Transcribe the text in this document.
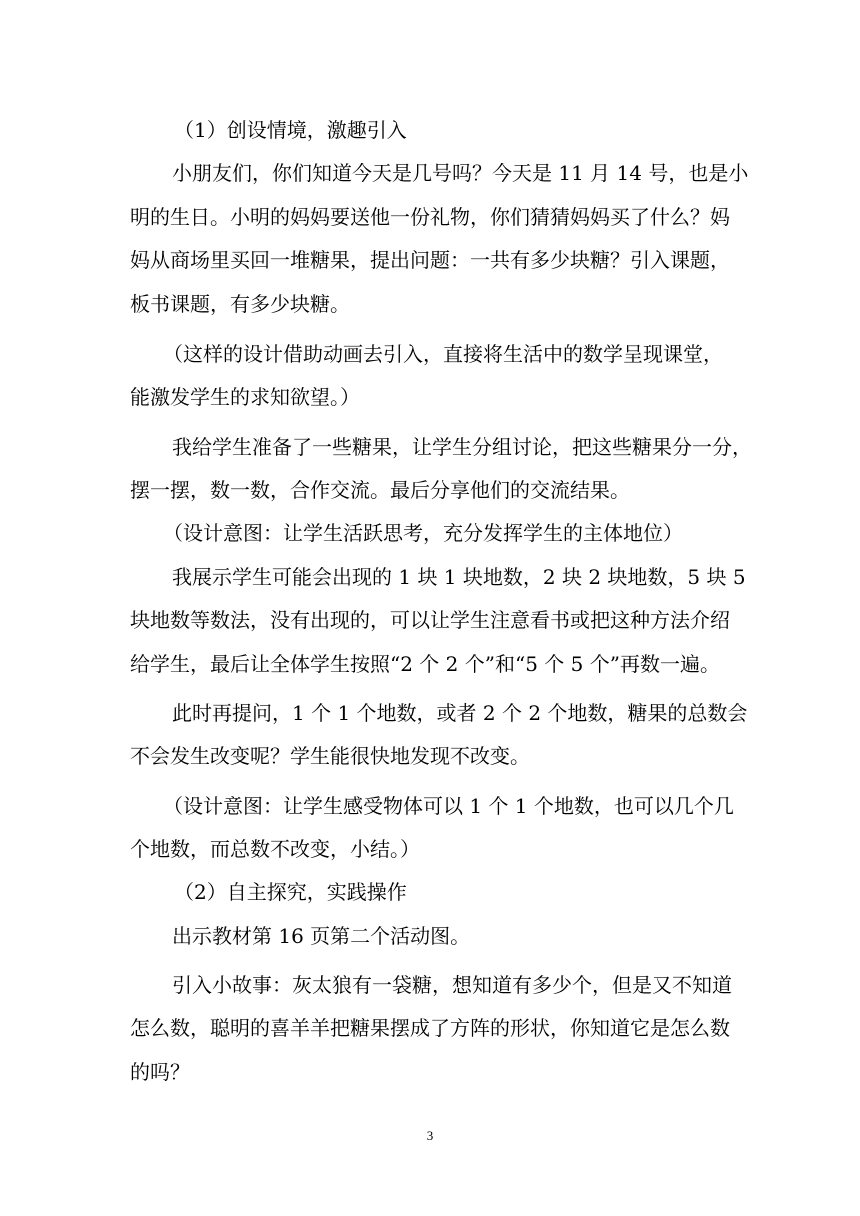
（1）创设情境，激趣引入

小朋友们，你们知道今天是几号吗？今天是 11 月 14 号，也是小

明的生日。小明的妈妈要送他一份礼物，你们猜猜妈妈买了什么？妈

妈从商场里买回一堆糖果，提出问题：一共有多少块糖？引入课题，

板书课题，有多少块糖。

（这样的设计借助动画去引入，直接将生活中的数学呈现课堂，

能激发学生的求知欲望。）

我给学生准备了一些糖果，让学生分组讨论，把这些糖果分一分，

摆一摆，数一数，合作交流。最后分享他们的交流结果。

（设计意图：让学生活跃思考，充分发挥学生的主体地位）

我展示学生可能会出现的 1 块 1 块地数，2 块 2 块地数，5 块 5

块地数等数法，没有出现的，可以让学生注意看书或把这种方法介绍

给学生，最后让全体学生按照“2 个 2 个”和“5 个 5 个”再数一遍。

此时再提问，1 个 1 个地数，或者 2 个 2 个地数，糖果的总数会

不会发生改变呢？学生能很快地发现不改变。

（设计意图：让学生感受物体可以 1 个 1 个地数，也可以几个几

个地数，而总数不改变，小结。）

（2）自主探究，实践操作

出示教材第 16 页第二个活动图。

引入小故事：灰太狼有一袋糖，想知道有多少个，但是又不知道

怎么数，聪明的喜羊羊把糖果摆成了方阵的形状，你知道它是怎么数

的吗？

3
